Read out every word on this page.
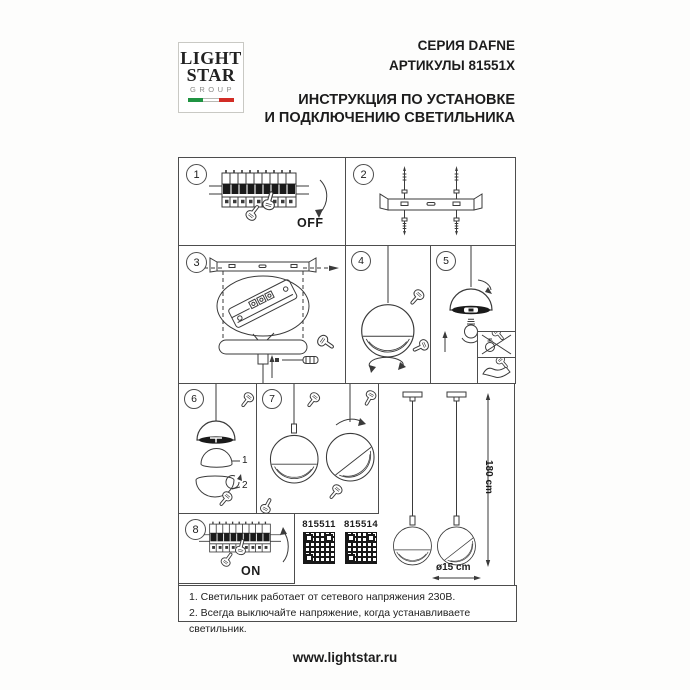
LIGHT
STAR
GROUP
СЕРИЯ DAFNE
АРТИКУЛЫ 81551X
ИНСТРУКЦИЯ ПО УСТАНОВКЕ
И ПОДКЛЮЧЕНИЮ СВЕТИЛЬНИКА
1
OFF
2
3	4	5
6
1
2
7
8
ON
180 cm
ø15 cm
815511 815514
1. Светильник работает от сетевого напряжения 230В.
2. Всегда выключайте напряжение, когда устанавливаете светильник.
www.lightstar.ru
